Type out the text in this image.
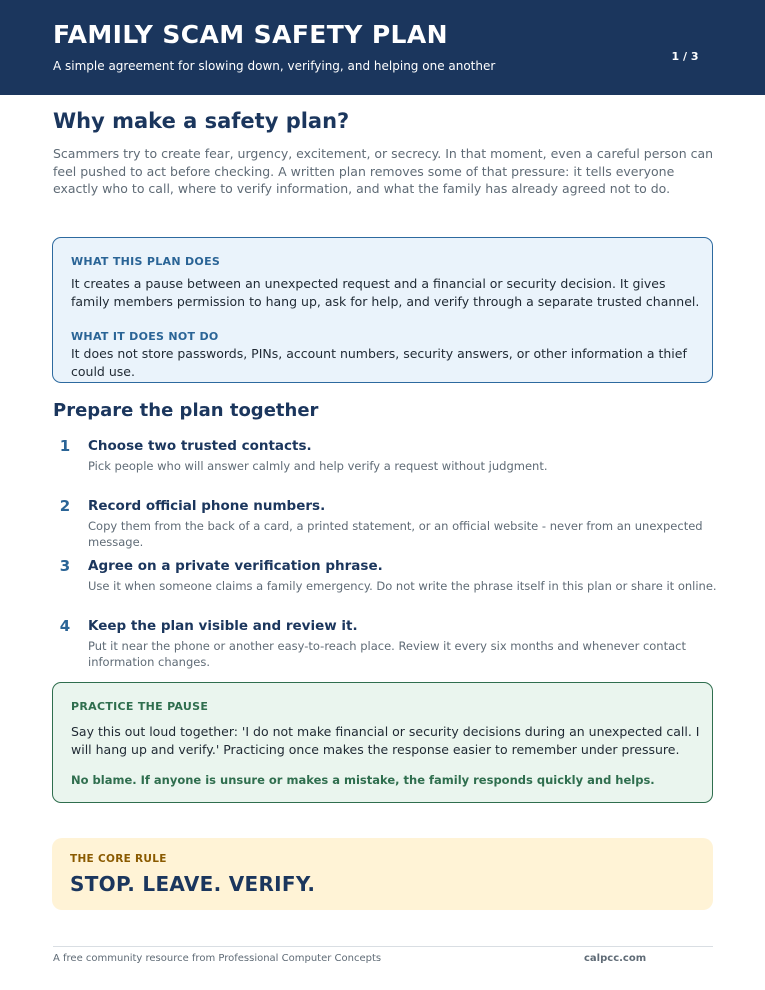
FAMILY SCAM SAFETY PLAN
A simple agreement for slowing down, verifying, and helping one another
1 / 3
Why make a safety plan?

Scammers try to create fear, urgency, excitement, or secrecy. In that moment, even a careful person can feel pushed to act before checking. A written plan removes some of that pressure: it tells everyone exactly who to call, where to verify information, and what the family has already agreed not to do.

WHAT THIS PLAN DOES

It creates a pause between an unexpected request and a financial or security decision. It gives family members permission to hang up, ask for help, and verify through a separate trusted channel.

WHAT IT DOES NOT DO

It does not store passwords, PINs, account numbers, security answers, or other information a thief could use.

Prepare the plan together
1 Choose two trusted contacts.

Pick people who will answer calmly and help verify a request without judgment.

2 Record official phone numbers.

Copy them from the back of a card, a printed statement, or an official website - never from an unexpected message.

3 Agree on a private verification phrase.

Use it when someone claims a family emergency. Do not write the phrase itself in this plan or share it online.

4 Keep the plan visible and review it.

Put it near the phone or another easy-to-reach place. Review it every six months and whenever contact information changes.

PRACTICE THE PAUSE

Say this out loud together: 'I do not make financial or security decisions during an unexpected call. I will hang up and verify.' Practicing once makes the response easier to remember under pressure.

No blame. If anyone is unsure or makes a mistake, the family responds quickly and helps.
THE CORE RULE
STOP. LEAVE. VERIFY.
A free community resource from Professional Computer Concepts	calpcc.com
